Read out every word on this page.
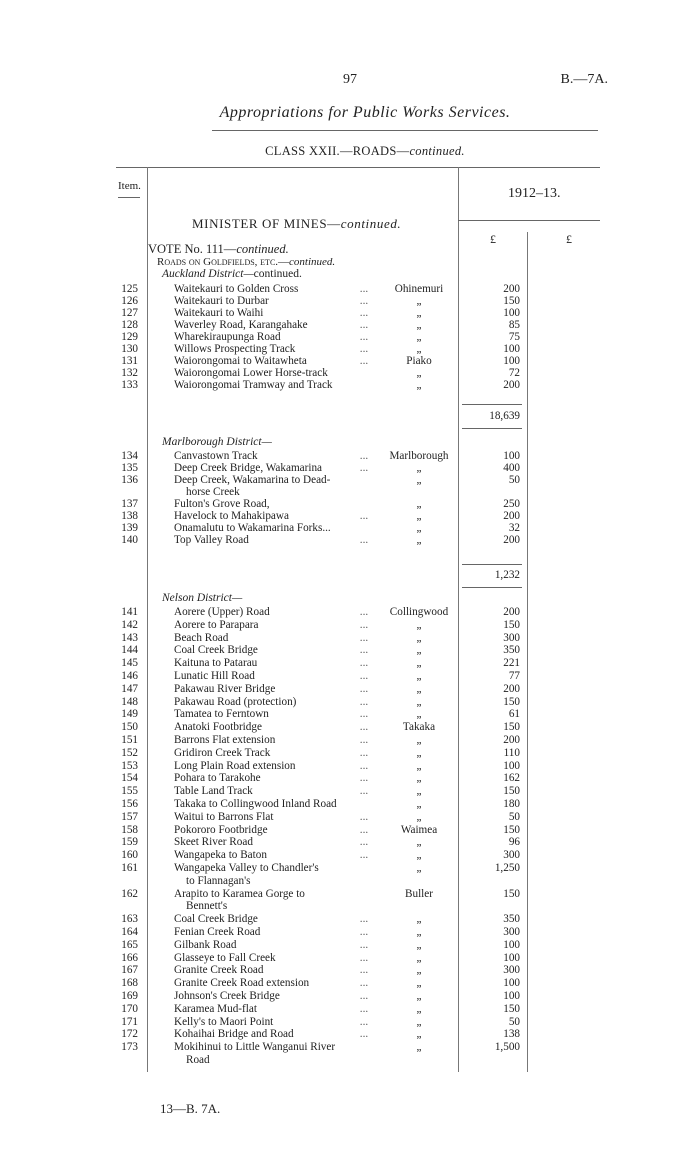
97	B.—7A.
Appropriations for Public Works Services.
CLASS XXII.—ROADS—continued.
Item.	1912–13.
£	£
MINISTER OF MINES—continued.
VOTE No. 111—continued.
Roads on Goldfields, etc.—continued.
Auckland District—continued.
125	Waitekauri to Golden Cross	...	Ohinemuri	200
126	Waitekauri to Durbar	...	„	150
127	Waitekauri to Waihi	...	„	100
128	Waverley Road, Karangahake	...	„	85
129	Wharekiraupunga Road	...	„	75
130	Willows Prospecting Track	...	„	100
131	Waiorongomai to Waitawheta	...	Piako	100
132	Waiorongomai Lower Horse-track	„	72
133	Waiorongomai Tramway and Track	„	200
18,639
Marlborough District—
134	Canvastown Track	...	Marlborough	100
135	Deep Creek Bridge, Wakamarina	...	„	400
136	Deep Creek, Wakamarina to Dead-	„	50
horse Creek
137	Fulton's Grove Road,	„	250
138	Havelock to Mahakipawa	...	„	200
139	Onamalutu to Wakamarina Forks...	„	32
140	Top Valley Road	...	„	200
1,232
Nelson District—
141	Aorere (Upper) Road	...	Collingwood	200
142	Aorere to Parapara	...	„	150
143	Beach Road	...	„	300
144	Coal Creek Bridge	...	„	350
145	Kaituna to Patarau	...	„	221
146	Lunatic Hill Road	...	„	77
147	Pakawau River Bridge	...	„	200
148	Pakawau Road (protection)	...	„	150
149	Tamatea to Ferntown	...	„	61
150	Anatoki Footbridge	...	Takaka	150
151	Barrons Flat extension	...	„	200
152	Gridiron Creek Track	...	„	110
153	Long Plain Road extension	...	„	100
154	Pohara to Tarakohe	...	„	162
155	Table Land Track	...	„	150
156	Takaka to Collingwood Inland Road	„	180
157	Waitui to Barrons Flat	...	„	50
158	Pokororo Footbridge	...	Waimea	150
159	Skeet River Road	...	„	96
160	Wangapeka to Baton	...	„	300
161	Wangapeka Valley to Chandler's	„	1,250
to Flannagan's
162	Arapito to Karamea Gorge to	Buller	150
Bennett's
163	Coal Creek Bridge	...	„	350
164	Fenian Creek Road	...	„	300
165	Gilbank Road	...	„	100
166	Glasseye to Fall Creek	...	„	100
167	Granite Creek Road	...	„	300
168	Granite Creek Road extension	...	„	100
169	Johnson's Creek Bridge	...	„	100
170	Karamea Mud-flat	...	„	150
171	Kelly's to Maori Point	...	„	50
172	Kohaihai Bridge and Road	...	„	138
173	Mokihinui to Little Wanganui River	„	1,500
Road
13—B. 7A.
